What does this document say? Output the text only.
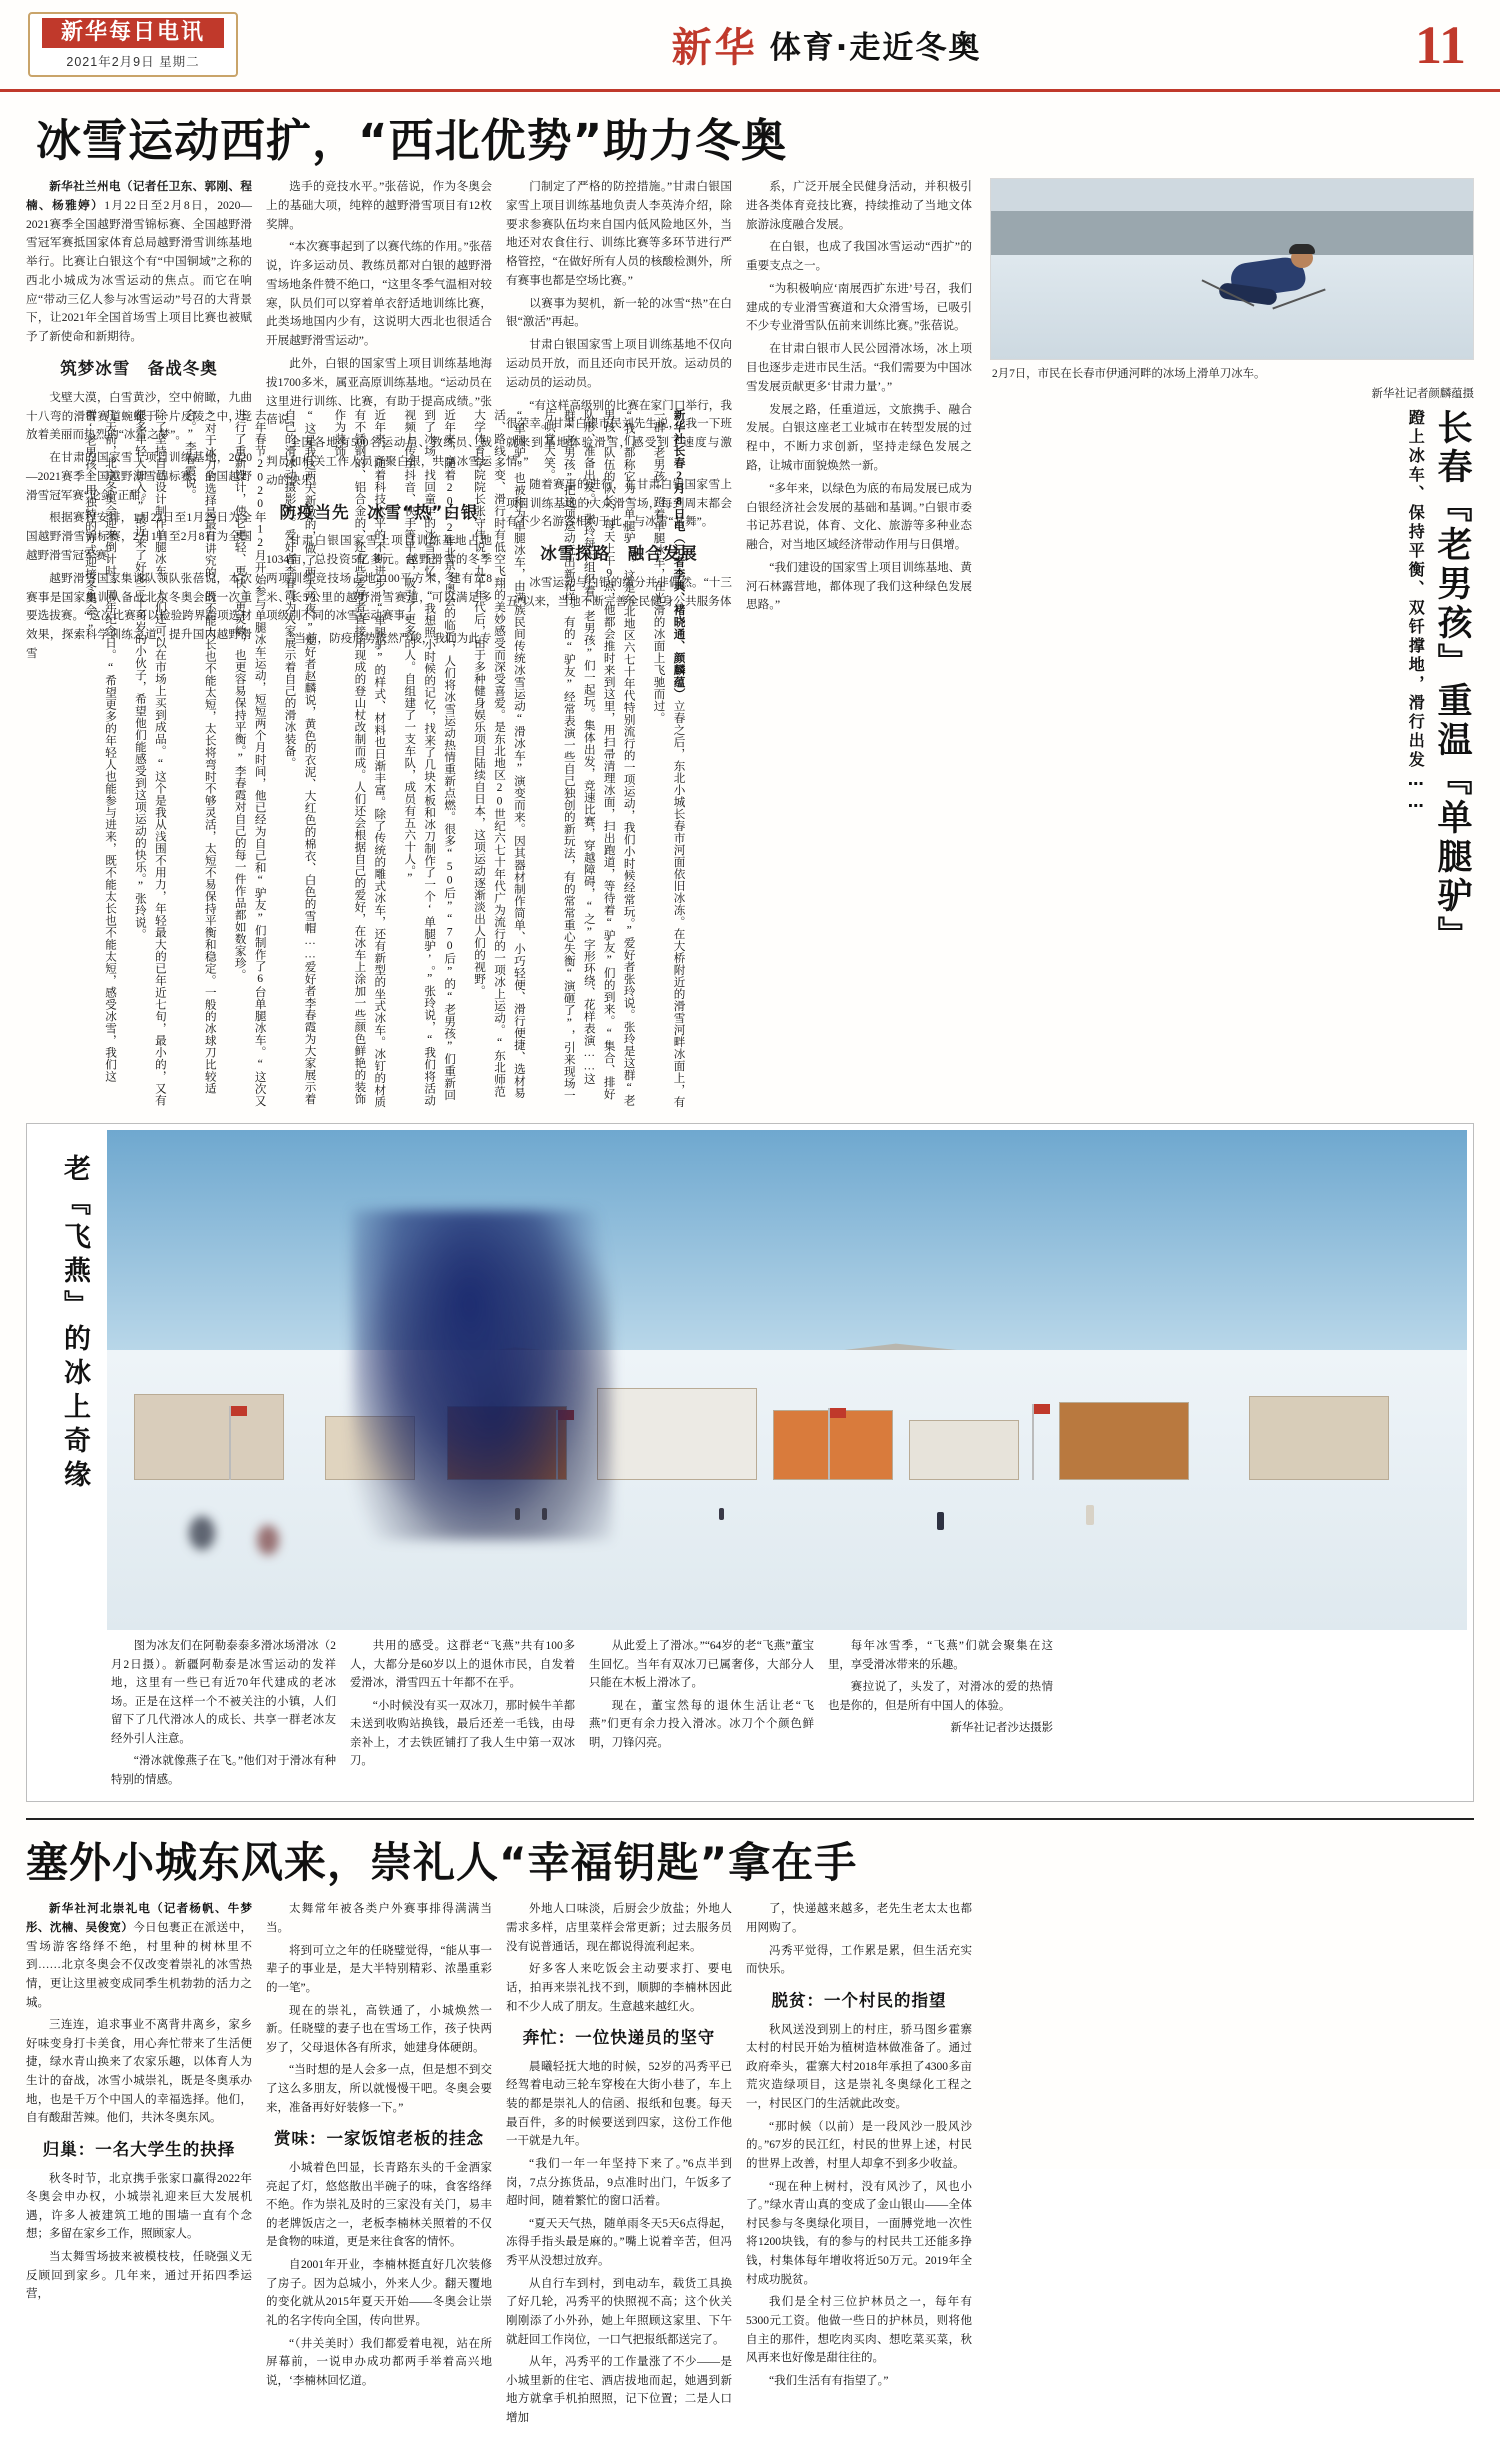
新华每日电讯
2021年2月9日 星期二	新华 体育·走近冬奥	11
冰雪运动西扩，“西北优势”助力冬奥

新华社兰州电（记者任卫东、郭刚、程楠、杨雅婷）1月22日至2月8日，2020—2021赛季全国越野滑雪锦标赛、全国越野滑雪冠军赛抵国家体育总局越野滑雪训练基地举行。比赛让白银这个有“中国铜域”之称的西北小城成为冰雪运动的焦点。而它在响应“带动三亿人参与冰雪运动”号召的大背景下，让2021年全国首场雪上项目比赛也被赋予了新使命和新期待。

筑梦冰雪　备战冬奥

戈壁大漠，白雪黄沙，空中俯瞰，九曲十八弯的滑雪赛道蜿蜒于一片反陵之中，竞放着美丽而热烈的“冰雪之梦”。

在甘肃的国家雪上项目训练基地，2020—2021赛季全国越野滑雪锦标赛、全国越野滑雪冠军赛“论剑”正酣。

根据赛程安排，1月22日至1月29日为全国越野滑雪锦标赛，2月1日至2月8日为全国越野滑雪冠军赛。

越野滑雪国家集训队领队张蓓说，本次赛事是国家集训队备战北京冬奥会的一次重要选拔赛。“这次比赛可以检验跨界跨项选材效果，探索科学训练之道，提升国内越野滑雪

选手的竞技水平。”张蓓说，作为冬奥会上的基础大项，纯粹的越野滑雪项目有12枚奖牌。

“本次赛事起到了以赛代练的作用。”张蓓说，许多运动员、教练员都对白银的越野滑雪场地条件赞不绝口，“这里冬季气温相对较寒，队员们可以穿着单衣舒适地训练比赛，此类场地国内少有，这说明大西北也很适合开展越野滑雪运动”。

此外，白银的国家雪上项目训练基地海拔1700多米，属亚高原训练基地。“运动员在这里进行训练、比赛，有助于提高成绩。”张蓓说。

全国各地有500名运动员、教练员、裁判员和相关工作人员齐聚白银，共享冰雪运动的快乐。

防疫当先　冰雪“热”白银

甘肃白银国家雪上项目训练基地占地1034亩，总投资5亿多元。越野滑雪的冬季两项训练竞技场占地2100平方米，建有宽8米、长5公里的越野滑雪赛道，可以满足多项级别不同的冰雪运动赛事。

“当前，防疫形势依然严峻，我们为此专

门制定了严格的防控措施。”甘肃白银国家雪上项目训练基地负责人李英涛介绍，除要求参赛队伍均来自国内低风险地区外，当地还对农食住行、训练比赛等多环节进行严格管控，“在做好所有人员的核酸检测外，所有赛事也都是空场比赛。”

以赛事为契机，新一轮的冰雪“热”在白银“激活”再起。

甘肃白银国家雪上项目训练基地不仅向运动员开放，而且还向市民开放。运动员的运动员的运动员。

“有这样高级别的比赛在家门口举行，我很荣幸。”甘肃白银市民刘先生说，“我一下班就来到基地体验滑雪，感受到了速度与激情。”

随着赛事的进行，在甘肃白银国家雪上项目训练基地的大众滑雪场，每到周末都会有不少名游客相约于此，与冰雪“共舞”。

冰雪探路　融合发展

冰雪运动与白银的缘分并非偶然。“十三五”以来，当地不断完善全民健身公共服务体

系，广泛开展全民健身活动，并积极引进各类体育竞技比赛，持续推动了当地文体旅游泳度融合发展。

在白银，也成了我国冰雪运动“西扩”的重要支点之一。

“为积极响应‘南展西扩东进’号召，我们建成的专业滑雪赛道和大众滑雪场，已吸引不少专业滑雪队伍前来训练比赛。”张蓓说。

在甘肃白银市人民公园滑冰场，冰上项目也逐步走进市民生活。“我们需要为中国冰雪发展贡献更多‘甘肃力量’。”

发展之路，任重道远，文旅携手、融合发展。白银这座老工业城市在转型发展的过程中，不断力求创新，坚持走绿色发展之路，让城市面貌焕然一新。

“多年来，以绿色为底的布局发展已成为白银经济社会发展的基础和基调。”白银市委书记苏君说，体育、文化、旅游等多种业态融合，对当地区域经济带动作用与日俱增。

“我们建设的国家雪上项目训练基地、黄河石林露营地，都体现了我们这种绿色发展思路。”

2月7日，市民在长春市伊通河畔的冰场上滑单刀冰车。
新华社记者颜麟蕴摄
长春『老男孩』重温『单腿驴』
蹬上冰车、保持平衡、双钎撑地，滑行出发……
新华社长春2月8日电（记者李典、褚晓通、颜麟蕴）立春之后，东北小城长春市河面依旧冰冻。在大桥附近的滑雪河畔冰面上，有一群“老男孩”蹬着单腿冰车，在光滑的冰面上飞驰而过。
“我们都称它为‘单腿驴’，这是东北地区六七十年代特别流行的一项运动，我们小时候经常玩。”爱好者张玲说。张玲是这群“老男孩”队伍的队长，每天上午9点，他都会推时来到这里，用扫帚清理冰面，扫出跑道，等待着“驴友”们的到来。“集合、排好队形、准备出发。”张玲每天组织着“老男孩”们一起玩。集体出发，竞速比赛，穿越障碍，“之”字形环绕、花样表演……这群“老男孩”把这项运动玩出新花样。有的“驴友”经常表演一些自己独创的新玩法，有的常常重心失衡“演砸了”，引来现场一片哄堂大笑。
“单腿驴”也被称为单腿冰车，由满族民间传统冰雪运动“滑冰车”演变而来。因其器材制作简单、小巧轻便、滑行便捷、选材易活、路线多变、滑行时有低空飞翔的美妙感受而深受喜爱。是东北地区20世纪六七十年代广为流行的一项冰上运动。“东北师范大学体育学院院长张守伟说。九十年代后，由于多种健身娱乐项目陆续自日本，这项运动逐渐淡出人们的视野。
近年来，随着2022年北京冬奥会的临近，人们将冰雪运动热情重新点燃。很多“50后”“70后”的“老男孩”们重新回到了冰场，找回童年的冰雪记忆。“我想照小时候的记忆，找来了几块木板和冰刀制作了一个‘单腿驴’。”张玲说，“我们将活动视频上传至抖音、快手等平台，吸引了更多的人。自组建了一支车队，成员有五六十人。”
近年来，随着科技水平的不断进步，“单腿驴”的样式、材料也日渐丰富。除了传统的雕式冰车，还有新型的坐式冰车。冰钉的材质有不锈钢的、铝合金的、还有些爱好者直接用现成的登山杖改制而成。人们还会根据自己的爱好，在冰车上涂加一些颜色鲜艳的装饰作为装饰。
“这是我这两天新做的，做了两天两夜。”爱好者赵麟说，黄色的衣泥、大红色的棉衣、白色的雪帽……爱好者李春霞为大家展示着自己的滑冰动摄影机。爱好者李春霞为人家展示着自己的滑冰装备。
去年春节2020年12月开始参与单腿冰车运动，短短两个月时间，他已经为自己和“驴友”们制作了6台单腿冰车。“这次又进行了重新设计，使它更轻、更快、更灵敏，也更容易保持平衡。”李春霞对自己的每一件作品都如数家珍。
“对于冰刀的选择是最有讲究的，既不能太长也不能太短，太长将弯时不够灵活，太短不易保持平衡和稳定。一般的冰球刀比较适合。”李春霞说。
除了坚持自己设计制作单腿冰车，人们还可以在市场上买到成品。“这个是我从浅围不用力，年轻最大的已年近七旬，最小的，又有很多年轻人加入。”最近来了好多三十多岁的小伙子，希望他们能感受到这项运动的快乐。”张玲说。
几天前，北京冬奥会迎来倒计时一周年纪念日。“希望更多的年轻人也能参与进来，既不能太长也不能太短，感受冰雪，我们这群‘老男孩’用独特的方式迎接冬奥会。”
老『飞燕』的冰上奇缘

图为冰友们在阿勒泰泰多滑冰场滑冰（2月2日摄）。新疆阿勒泰是冰雪运动的发祥地，这里有一些已有近70年代建成的老冰场。正是在这样一个不被关注的小镇，人们留下了几代滑冰人的成长、共享一群老冰友经外引人注意。

“滑冰就像燕子在飞。”他们对于滑冰有种特别的情感。

共用的感受。这群老“飞燕”共有100多人，大都分是60岁以上的退休市民，自发着爱滑冰，滑雪四五十年都不在乎。

“小时候没有买一双冰刀，那时候牛羊都未送到收购站换钱，最后还差一毛钱，由母亲补上，才去铁匠铺打了我人生中第一双冰刀。

从此爱上了滑冰。”“64岁的老“飞燕”董宝生回忆。当年有双冰刀已属奢侈，大部分人只能在木板上滑冰了。

现在，董宝然每的退休生活让老“飞燕”们更有余力投入滑冰。冰刀个个颜色鲜明，刀锋闪亮。

每年冰雪季，“飞燕”们就会聚集在这里，享受滑冰带来的乐趣。

赛拉说了，头发了，对滑冰的爱的热情也是你的，但是所有中国人的体验。

新华社记者沙达摄影

塞外小城东风来，崇礼人“幸福钥匙”拿在手

新华社河北崇礼电（记者杨帆、牛梦彤、沈楠、吴俊宽）今日包裹正在派送中，雪场游客络绎不绝，村里种的树林里不到……北京冬奥会不仅改变着崇礼的冰雪热情，更让这里被变成同季生机勃勃的活力之城。

三连连，追求事业不离背井离乡，家乡好味变身打卡美食，用心奔忙带来了生活便捷，绿水青山换来了农家乐趣，以体育人为生计的奋战，冰雪小城崇礼，既是冬奥承办地，也是千万个中国人的幸福选择。他们，自有酸甜苦辣。他们，共沐冬奥东风。

归巢：一名大学生的抉择

秋冬时节，北京携手张家口赢得2022年冬奥会申办权，小城崇礼迎来巨大发展机遇，许多人被建筑工地的围墙一直有个念想；多留在家乡工作，照顾家人。

当太舞雪场披来被模枝枝，任晓强义无反顾回到家乡。几年来，通过开拓四季运营，

太舞常年被各类户外赛事排得满满当当。

将到可立之年的任晓璧觉得，“能从事一辈子的事业是，是大半特别精彩、浓墨重彩的一笔”。

现在的崇礼，高铁通了，小城焕然一新。任晓璧的妻子也在雪场工作，孩子快两岁了，父母退休各有所求，她建身体硬朗。

“当时想的是人会多一点，但是想不到交了这么多朋友，所以就慢慢干吧。冬奥会要来，准备再好好装修一下。”

赏味：一家饭馆老板的挂念

小城着色凹显，长青路东头的千金酒家亮起了灯，悠悠散出半碗子的味，食客络绎不绝。作为崇礼及时的三家没有关门，易丰的老牌饭店之一，老板李楠林关照着的不仅是食物的味道，更是来往食客的情怀。

自2001年开业，李楠林挺直好几次装修了房子。因为总城小，外来人少。翻天覆地的变化就从2015年夏天开始——冬奥会让崇礼的名字传向全国，传向世界。

“（井关美时）我们都爱着电视，站在所屏幕前，一说申办成功都两手举着高兴地说，‘李楠林回忆道。

外地人口味淡，后厨会少放盐；外地人需求多样，店里菜样会常更新；过去服务员没有说普通话，现在都说得流利起来。

好多客人来吃饭会主动要求打、要电话，拍再来崇礼找不到，顺脚的李楠林因此和不少人成了朋友。生意越来越红火。

奔忙：一位快递员的坚守

晨曦轻抚大地的时候，52岁的冯秀平已经驾着电动三轮车穿梭在大街小巷了，车上装的都是崇礼人的信函、报纸和包裹。每天最百件，多的时候要送到四家，这份工作他一干就是九年。

“我们一年一年坚持下来了。”6点半到岗，7点分拣货品，9点准时出门，午饭多了超时间，随着繁忙的窗口活着。

“夏天天气热，随单雨冬天5天6点得起，冻得手指头最是麻的。”嘴上说着辛苦，但冯秀平从没想过放弃。

从自行车到村，到电动车，载货工具换了好几轮，冯秀平的快照视不高；这个伙关刚刚添了小外孙，她上年照顾这家里、下午就赶回工作岗位，一口气把报纸都送完了。

从年，冯秀平的工作量涨了不少——是小城里新的住宅、酒店拔地而起，她遇到新地方就拿手机拍照照，记下位置；二是人口增加

了，快递越来越多，老先生老太太也都用网购了。

冯秀平觉得，工作累是累，但生活充实而快乐。

脱贫：一个村民的指望

秋风送没到别上的村庄，骄马图乡霍寨太村的村民开始为植树造林做准备了。通过政府牵头，霍寨大村2018年承担了4300多亩荒灾造绿项目，这是崇礼冬奥绿化工程之一，村民区门的生活就此改变。

“那时候（以前）是一段风沙一股风沙的。”67岁的民江红，村民的世界上述，村民的世界上改善，村里人却拿不到多少收益。

“现在种上树村，没有风沙了，风也小了。”绿水青山真的变成了金山银山——全体村民参与冬奥绿化项目，一面膊党地一次性将1200块钱，有的参与的村民共工还能多挣钱，村集体每年增收将近50万元。2019年全村成功脱贫。

我们是全村三位护林员之一，每年有5300元工资。他做一些日的护林员，则将他自主的那件，想吃肉买肉、想吃菜买菜，秋风再来也好像是甜往往的。

“我们生活有有指望了。”
